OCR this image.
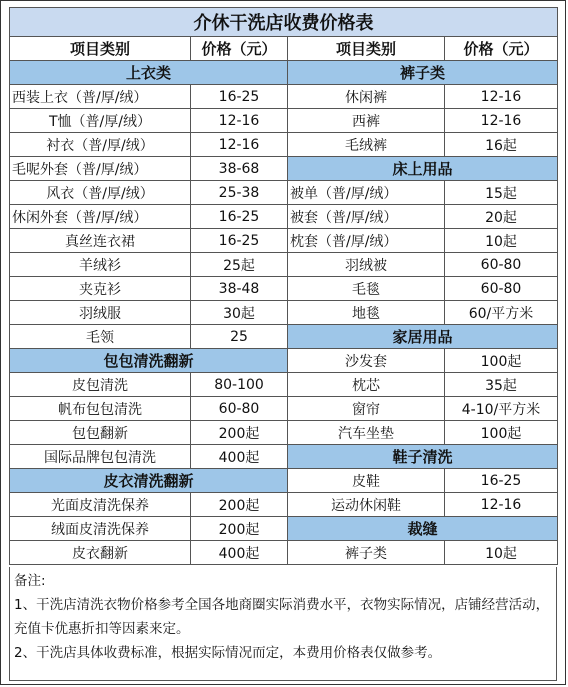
介休干洗店收费价格表			
项目类别	价格（元）	项目类别	价格（元）
上衣类		裤子类	
西装上衣（普/厚/绒）	16-25	休闲裤	12-16
T恤（普/厚/绒）	12-16	西裤	12-16
衬衣（普/厚/绒）	12-16	毛绒裤	16起
毛呢外套（普/厚/绒）	38-68	床上用品	
风衣（普/厚/绒）	25-38	被单（普/厚/绒）	15起
休闲外套（普/厚/绒）	16-25	被套（普/厚/绒）	20起
真丝连衣裙	16-25	枕套（普/厚/绒）	10起
羊绒衫	25起	羽绒被	60-80
夹克衫	38-48	毛毯	60-80
羽绒服	30起	地毯	60/平方米
毛领	25	家居用品	
包包清洗翻新		沙发套	100起
皮包清洗	80-100	枕芯	35起
帆布包包清洗	60-80	窗帘	4-10/平方米
包包翻新	200起	汽车坐垫	100起
国际品牌包包清洗	400起	鞋子清洗	
皮衣清洗翻新		皮鞋	16-25
光面皮清洗保养	200起	运动休闲鞋	12-16
绒面皮清洗保养	200起	裁缝	
皮衣翻新	400起	裤子类	10起
备注:
1、干洗店清洗衣物价格参考全国各地商圈实际消费水平，衣物实际情况，店铺经营活动，充值卡优惠折扣等因素来定。
2、干洗店具体收费标准，根据实际情况而定，本费用价格表仅做参考。
